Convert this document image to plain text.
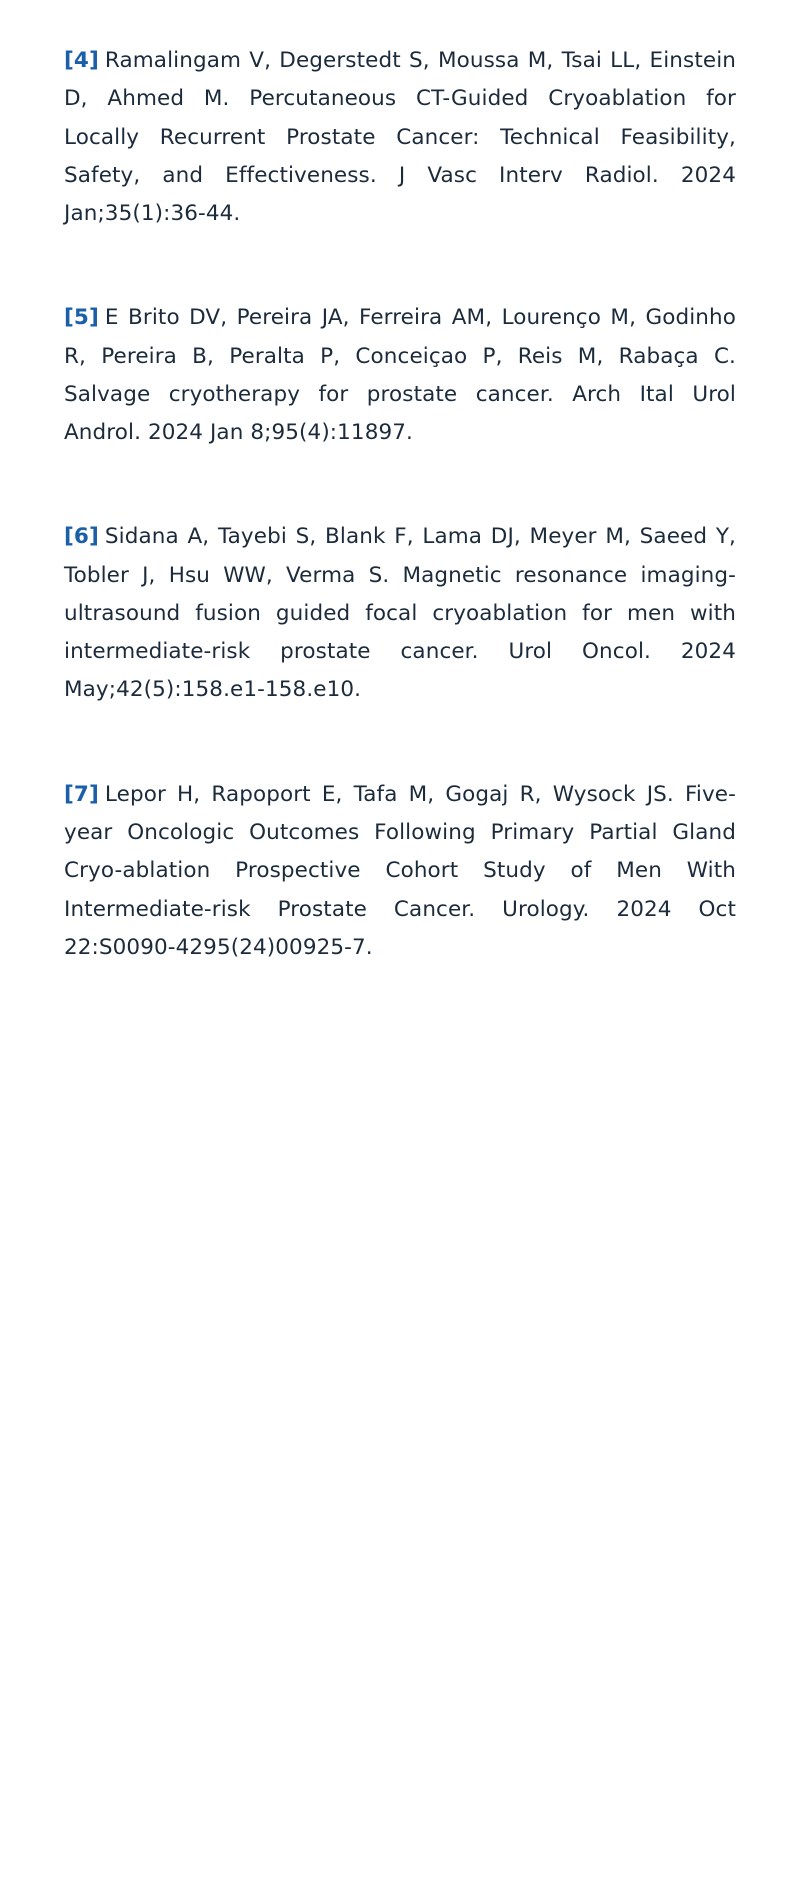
[4] Ramalingam V, Degerstedt S, Moussa M, Tsai LL, Einstein D, Ahmed M. Percutaneous CT-Guided Cryoablation for Locally Recurrent Prostate Cancer: Technical Feasibility, Safety, and Effectiveness. J Vasc Interv Radiol. 2024 Jan;35(1):36-44.

[5] E Brito DV, Pereira JA, Ferreira AM, Lourenço M, Godinho R, Pereira B, Peralta P, Conceiçao P, Reis M, Rabaça C. Salvage cryotherapy for prostate cancer. Arch Ital Urol Androl. 2024 Jan 8;95(4):11897.

[6] Sidana A, Tayebi S, Blank F, Lama DJ, Meyer M, Saeed Y, Tobler J, Hsu WW, Verma S. Magnetic resonance imaging-ultrasound fusion guided focal cryoablation for men with intermediate-risk prostate cancer. Urol Oncol. 2024 May;42(5):158.e1-158.e10.

[7] Lepor H, Rapoport E, Tafa M, Gogaj R, Wysock JS. Five-year Oncologic Outcomes Following Primary Partial Gland Cryo-ablation Prospective Cohort Study of Men With Intermediate-risk Prostate Cancer. Urology. 2024 Oct 22:S0090-4295(24)00925-7.
